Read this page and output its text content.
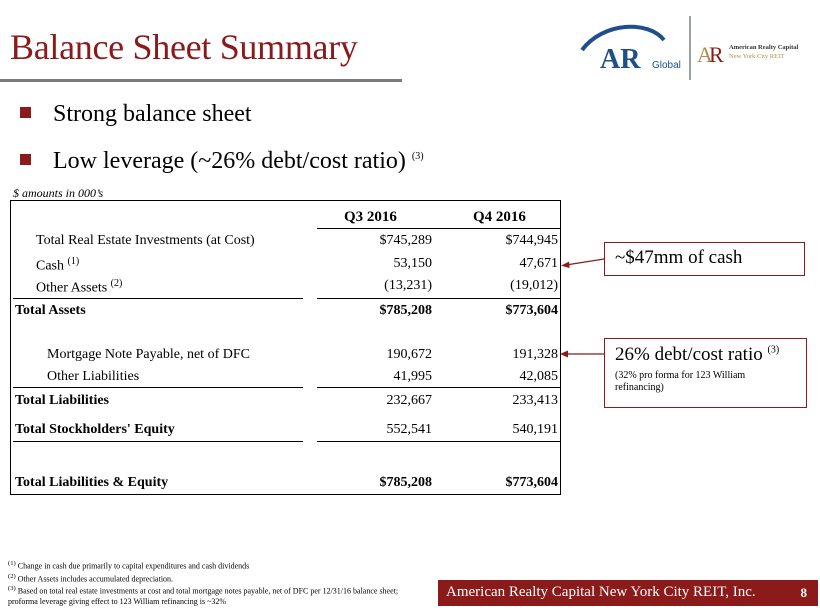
Balance Sheet Summary	AR Global A
R American Realty Capital
New York City REIT
Strong balance sheet
Low leverage (~26% debt/cost ratio) $^{(3)}$
$ amounts in 000’s
Q3 2016	Q4 2016
Total Real Estate Investments (at Cost)	$745,289	$744,945
Cash $^{(1)}$	53,150	47,671
Other Assets $^{(2)}$	(13,231)	(19,012)
Total Assets	$785,208	$773,604
Mortgage Note Payable, net of DFC	190,672	191,328
Other Liabilities	41,995	42,085
Total Liabilities	232,667	233,413
Total Stockholders' Equity	552,541	540,191
Total Liabilities & Equity	$785,208	$773,604
~$47mm of cash
26% debt/cost ratio $^{(3)}$
(32% pro forma for 123 William refinancing)
$^{(1)}$ Change in cash due primarily to capital expenditures and cash dividends
$^{(2)}$ Other Assets includes accumulated depreciation.
$^{(3)}$ Based on total real estate investments at cost and total mortgage notes payable, net of DFC per 12/31/16 balance sheet; proforma leverage giving effect to 123 William refinancing is ~32%
American Realty Capital New York City REIT, Inc.	8
